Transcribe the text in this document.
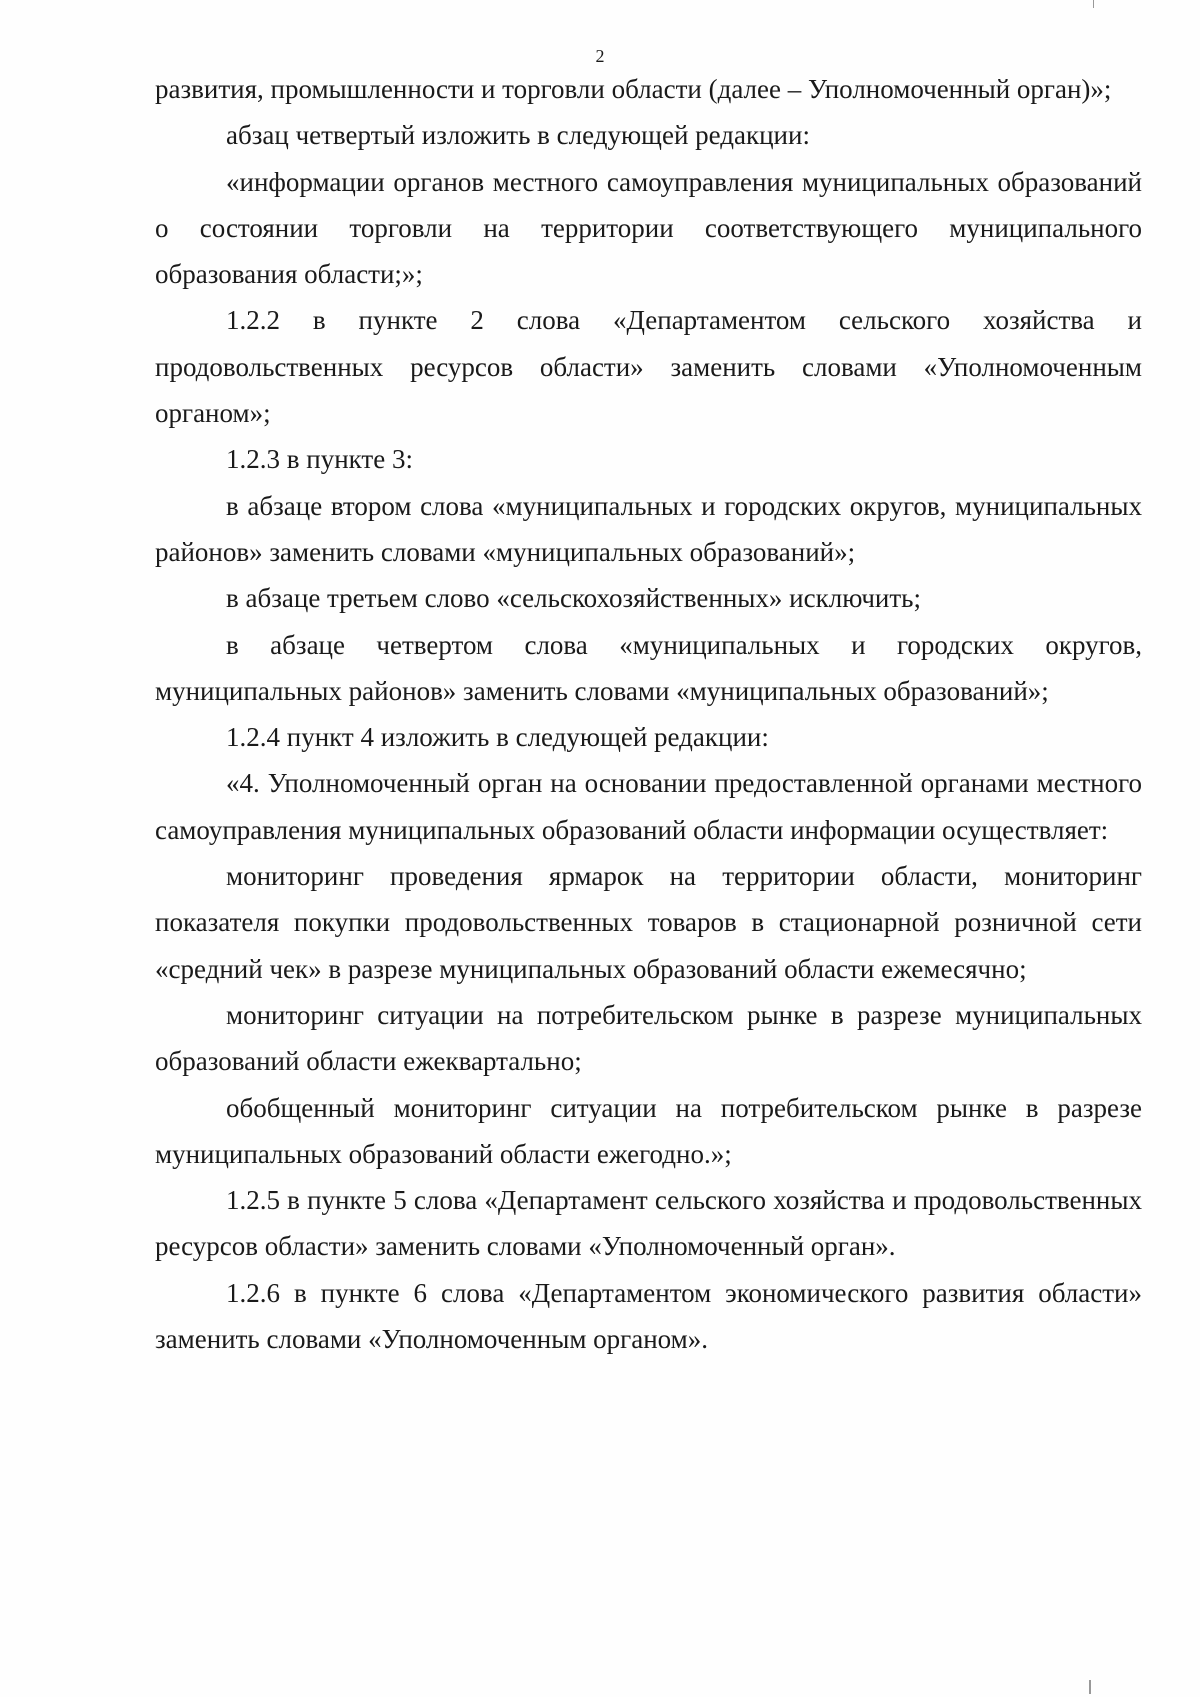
2

развития, промышленности и торговли области (далее – Уполномоченный орган)»;

абзац четвертый изложить в следующей редакции:

«информации органов местного самоуправления муниципальных образований о состоянии торговли на территории соответствующего муниципального образования области;»;

1.2.2 в пункте 2 слова «Департаментом сельского хозяйства и продовольственных ресурсов области» заменить словами «Уполномоченным органом»;

1.2.3 в пункте 3:

в абзаце втором слова «муниципальных и городских округов, муниципальных районов» заменить словами «муниципальных образований»;

в абзаце третьем слово «сельскохозяйственных» исключить;

в абзаце четвертом слова «муниципальных и городских округов, муниципальных районов» заменить словами «муниципальных образований»;

1.2.4 пункт 4 изложить в следующей редакции:

«4. Уполномоченный орган на основании предоставленной органами местного самоуправления муниципальных образований области информации осуществляет:

мониторинг проведения ярмарок на территории области, мониторинг показателя покупки продовольственных товаров в стационарной розничной сети «средний чек» в разрезе муниципальных образований области ежемесячно;

мониторинг ситуации на потребительском рынке в разрезе муниципальных образований области ежеквартально;

обобщенный мониторинг ситуации на потребительском рынке в разрезе муниципальных образований области ежегодно.»;

1.2.5 в пункте 5 слова «Департамент сельского хозяйства и продовольственных ресурсов области» заменить словами «Уполномоченный орган».

1.2.6 в пункте 6 слова «Департаментом экономического развития области» заменить словами «Уполномоченным органом».
